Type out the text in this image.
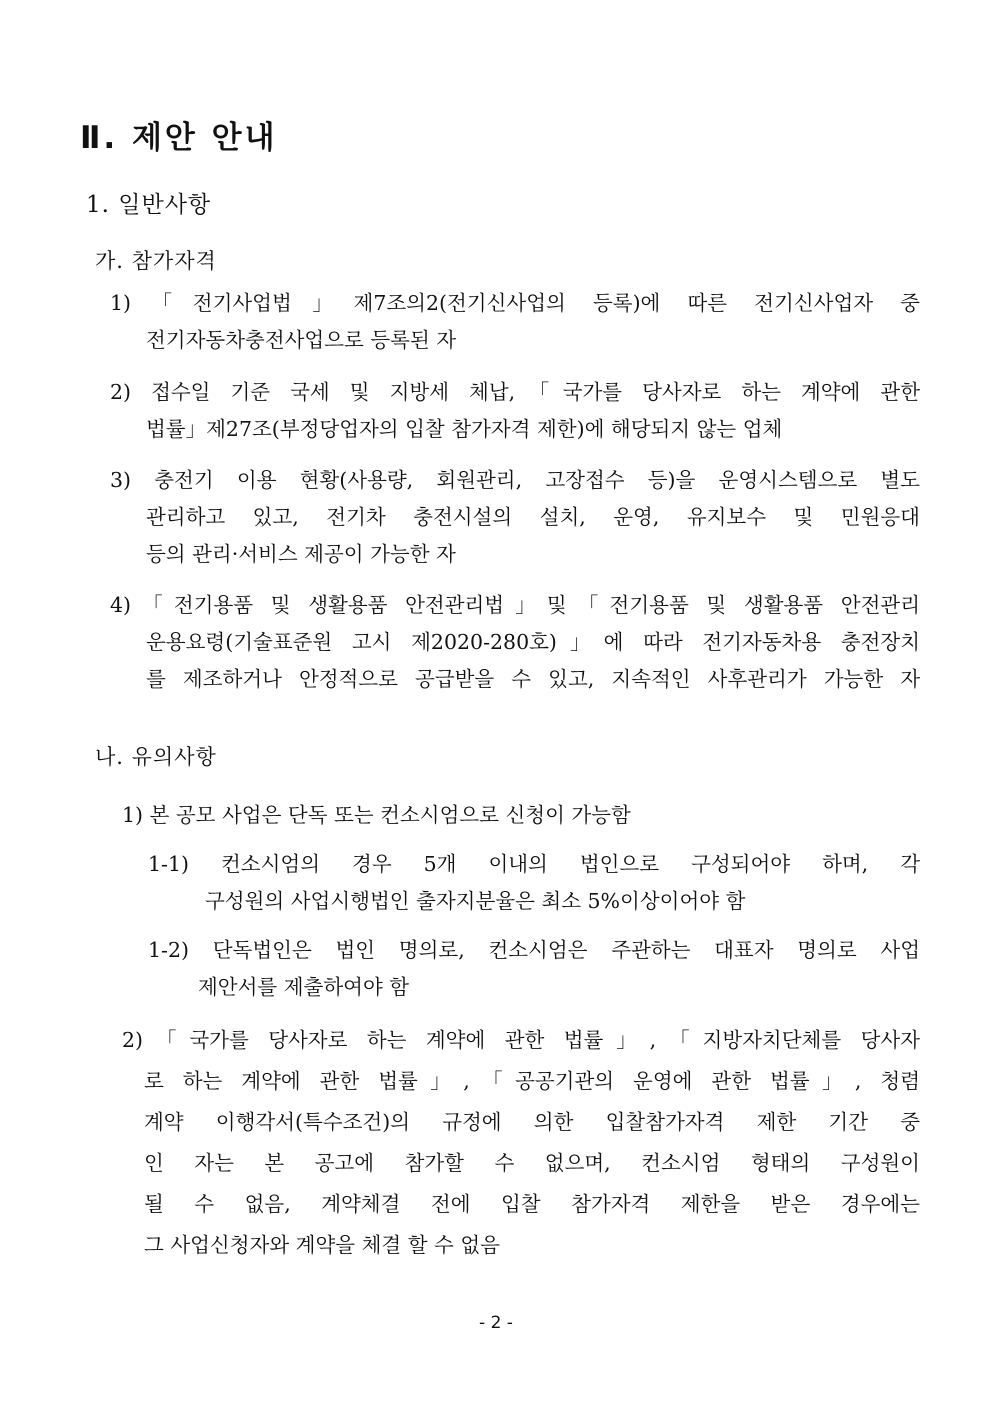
Ⅱ. 제안 안내
1. 일반사항
가. 참가자격
1)「전기사업법」제7조의2(전기신사업의 등록)에 따른 전기신사업자 중
전기자동차충전사업으로 등록된 자
2) 접수일 기준 국세 및 지방세 체납,「국가를 당사자로 하는 계약에 관한
법률」제27조(부정당업자의 입찰 참가자격 제한)에 해당되지 않는 업체
3) 충전기 이용 현황(사용량, 회원관리, 고장접수 등)을 운영시스템으로 별도
관리하고 있고, 전기차 충전시설의 설치, 운영, 유지보수 및 민원응대
등의 관리·서비스 제공이 가능한 자
4)「전기용품 및 생활용품 안전관리법」및「전기용품 및 생활용품 안전관리
운용요령(기술표준원 고시 제2020-280호)」에 따라 전기자동차용 충전장치
를 제조하거나 안정적으로 공급받을 수 있고, 지속적인 사후관리가 가능한 자
나. 유의사항
1) 본 공모 사업은 단독 또는 컨소시엄으로 신청이 가능함
1-1) 컨소시엄의 경우 5개 이내의 법인으로 구성되어야 하며, 각
구성원의 사업시행법인 출자지분율은 최소 5%이상이어야 함
1-2) 단독법인은 법인 명의로, 컨소시엄은 주관하는 대표자 명의로 사업
제안서를 제출하여야 함
2)「국가를 당사자로 하는 계약에 관한 법률」,「지방자치단체를 당사자
로 하는 계약에 관한 법률」,「공공기관의 운영에 관한 법률」, 청렴
계약 이행각서(특수조건)의 규정에 의한 입찰참가자격 제한 기간 중
인 자는 본 공고에 참가할 수 없으며, 컨소시엄 형태의 구성원이
될 수 없음, 계약체결 전에 입찰 참가자격 제한을 받은 경우에는
그 사업신청자와 계약을 체결 할 수 없음
- 2 -
